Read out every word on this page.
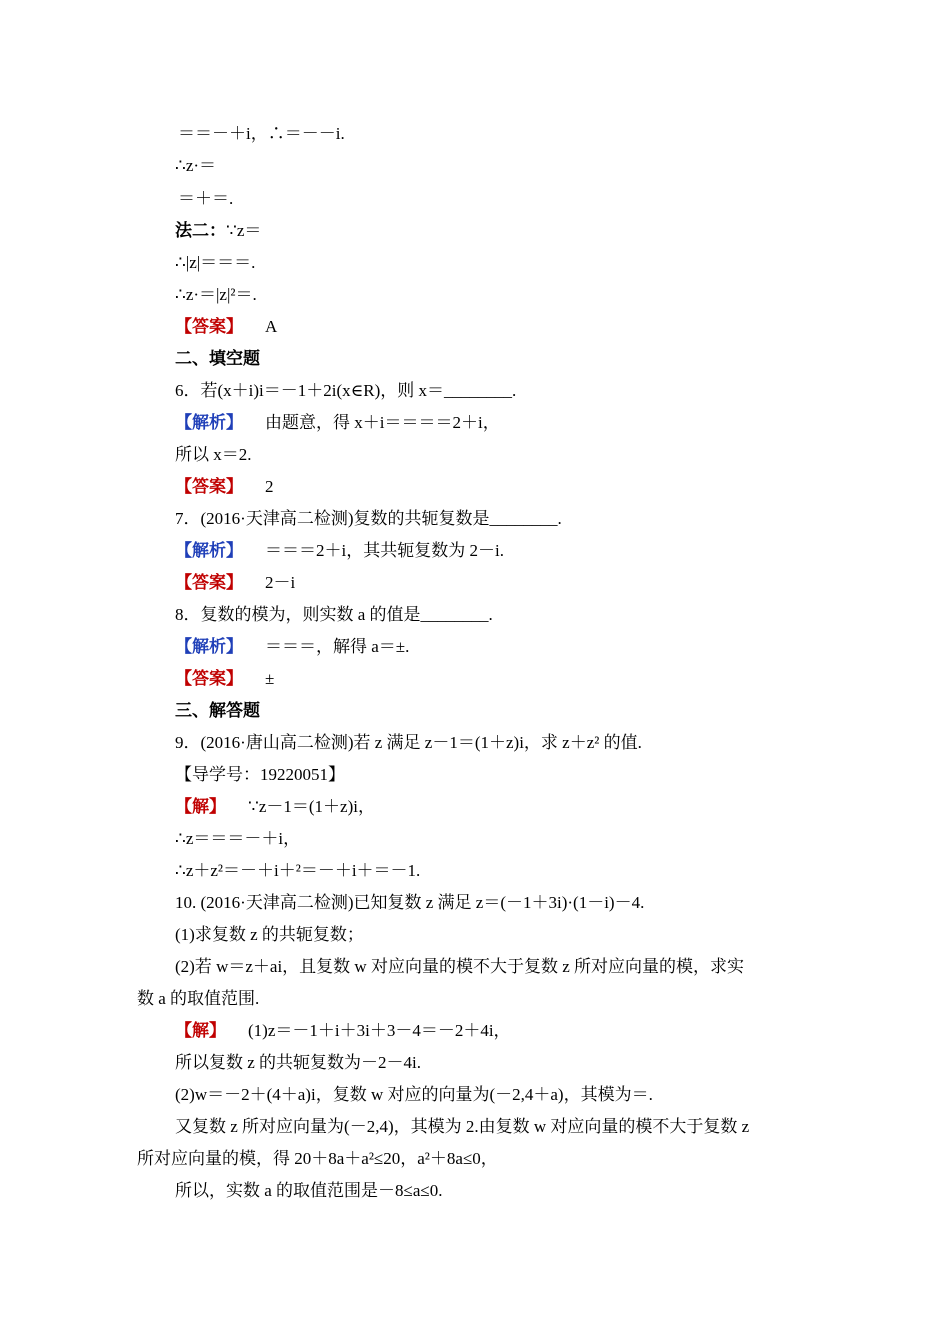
＝＝－＋i，∴＝－－i.
∴z·＝
＝＋＝.
法二：∵z＝
∴|z|＝＝＝.
∴z·＝|z|²＝.
【答案】 A
二、填空题
6．若(x＋i)i＝－1＋2i(x∈R)，则 x＝________.
【解析】 由题意，得 x＋i＝＝＝＝2＋i，
所以 x＝2.
【答案】 2
7．(2016·天津高二检测)复数的共轭复数是________.
【解析】 ＝＝＝2＋i，其共轭复数为 2－i.
【答案】 2－i
8．复数的模为，则实数 a 的值是________.
【解析】 ＝＝＝，解得 a＝±.
【答案】 ±
三、解答题
9．(2016·唐山高二检测)若 z 满足 z－1＝(1＋z)i，求 z＋z² 的值.
【导学号：19220051】
【解】 ∵z－1＝(1＋z)i，
∴z＝＝＝－＋i，
∴z＋z²＝－＋i＋²＝－＋i＋＝－1.
10. (2016·天津高二检测)已知复数 z 满足 z＝(－1＋3i)·(1－i)－4.
(1)求复数 z 的共轭复数；
(2)若 w＝z＋ai，且复数 w 对应向量的模不大于复数 z 所对应向量的模，求实
数 a 的取值范围.
【解】 (1)z＝－1＋i＋3i＋3－4＝－2＋4i，
所以复数 z 的共轭复数为－2－4i.
(2)w＝－2＋(4＋a)i，复数 w 对应的向量为(－2,4＋a)，其模为＝.
又复数 z 所对应向量为(－2,4)，其模为 2.由复数 w 对应向量的模不大于复数 z
所对应向量的模，得 20＋8a＋a²≤20，a²＋8a≤0，
所以，实数 a 的取值范围是－8≤a≤0.
